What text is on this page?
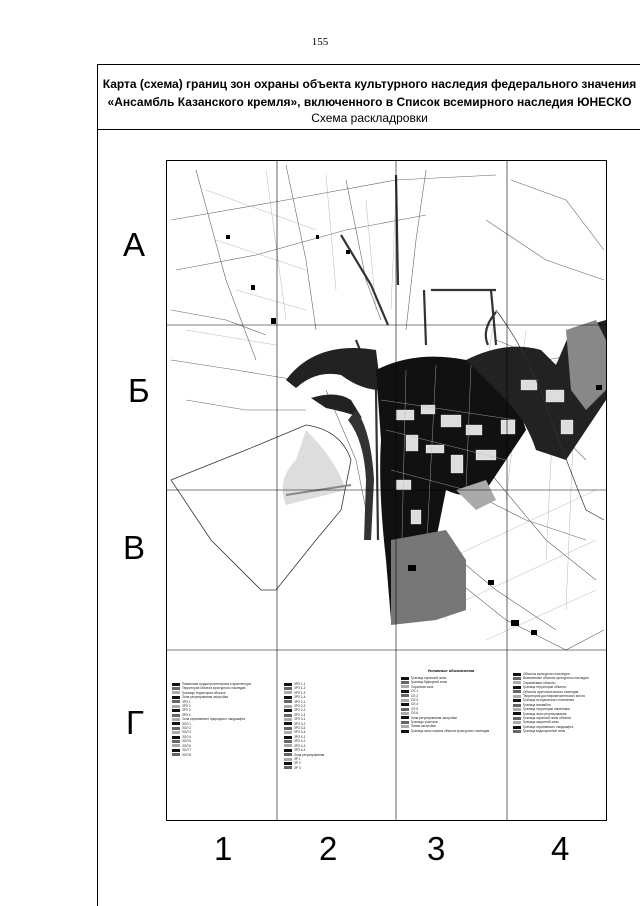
155
Карта (схема) границ зон охраны объекта культурного наследия федерального значения
«Ансамбль Казанского кремля», включенного в Список всемирного наследия ЮНЕСКО
Схема раскладровки
А
Б
В
Г
1	2	3	4
Памятники градостроительства и архитектуры
Территория объекта культурного наследия
Границы территории объекта
Зона регулирования застройки
ЗРЗ 1
ЗРЗ 2
ЗРЗ 3
ЗРЗ 4
Зона охраняемого природного ландшафта
ЗОЛ 1
ЗОЛ 2
ЗОЛ 3
ЗОЛ 4
ЗОЛ 5
ЗОЛ 6
ЗОЛ 7
ЗОЛ 8
ЗРЗ 1-1
ЗРЗ 1-2
ЗРЗ 1-3
ЗРЗ 1-4
ЗРЗ 2-1
ЗРЗ 2-2
ЗРЗ 2-3
ЗРЗ 2-4
ЗРЗ 3-1
ЗРЗ 3-2
ЗРЗ 3-3
ЗРЗ 3-4
ЗРЗ 4-1
ЗРЗ 4-2
ЗРЗ 4-3
ЗРЗ 4-4
Зона регулирования
ЗР 1
ЗР 2
ЗР 3
Условные обозначения
Граница охранной зоны
Граница буферной зоны
Охранная зона
ОЗ 1
ОЗ 2
ОЗ 3
ОЗ 4
ОЗ 5
ОЗ 6
Зона регулирования застройки
Границы участков
Линия застройки
Граница зоны охраны объекта культурного наследия
Объекты культурного наследия
Выявленные объекты культурного наследия
Охраняемые объекты
Граница территории объекта
Объекты археологического наследия
Территория достопримечательного места
Граница исторического поселения
Граница ансамбля
Граница территории памятника
Граница зоны регулирования
Граница охранной зоны объекта
Граница защитной зоны
Граница охраняемого ландшафта
Граница водоохранной зоны
